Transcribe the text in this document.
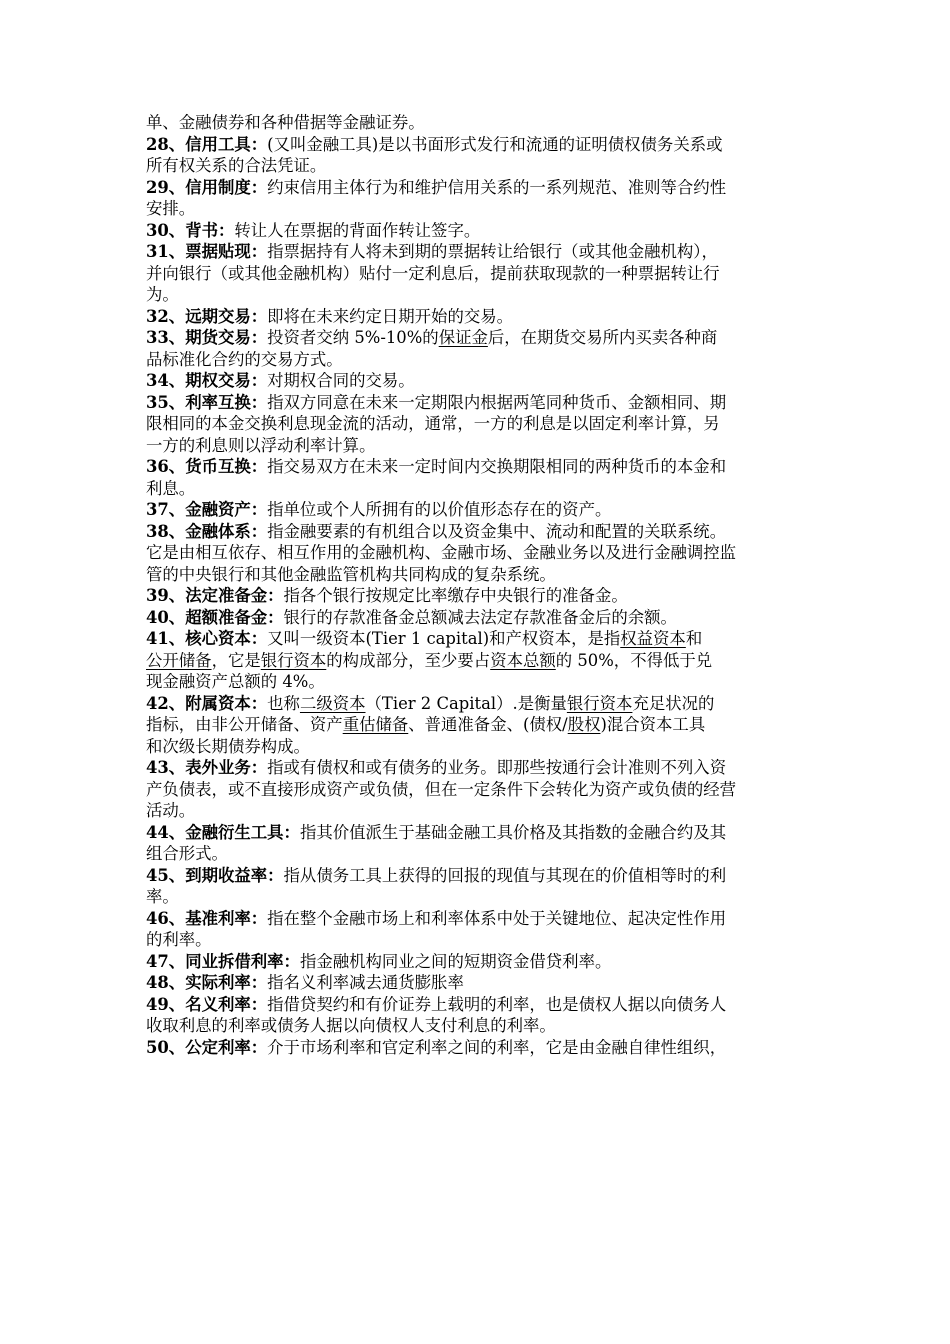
单、金融债券和各种借据等金融证券。
28、信用工具：(又叫金融工具)是以书面形式发行和流通的证明债权债务关系或
所有权关系的合法凭证。
29、信用制度：约束信用主体行为和维护信用关系的一系列规范、准则等合约性
安排。
30、背书：转让人在票据的背面作转让签字。
31、票据贴现：指票据持有人将未到期的票据转让给银行（或其他金融机构），
并向银行（或其他金融机构）贴付一定利息后，提前获取现款的一种票据转让行
为。
32、远期交易：即将在未来约定日期开始的交易。
33、期货交易：投资者交纳 5%-10%的保证金后，在期货交易所内买卖各种商
品标准化合约的交易方式。
34、期权交易：对期权合同的交易。
35、利率互换：指双方同意在未来一定期限内根据两笔同种货币、金额相同、期
限相同的本金交换利息现金流的活动，通常，一方的利息是以固定利率计算，另
一方的利息则以浮动利率计算。
36、货币互换：指交易双方在未来一定时间内交换期限相同的两种货币的本金和
利息。
37、金融资产：指单位或个人所拥有的以价值形态存在的资产。
38、金融体系：指金融要素的有机组合以及资金集中、流动和配置的关联系统。
它是由相互依存、相互作用的金融机构、金融市场、金融业务以及进行金融调控监
管的中央银行和其他金融监管机构共同构成的复杂系统。
39、法定准备金：指各个银行按规定比率缴存中央银行的准备金。
40、超额准备金：银行的存款准备金总额减去法定存款准备金后的余额。
41、核心资本：又叫一级资本(Tier 1 capital)和产权资本，是指权益资本和
公开储备，它是银行资本的构成部分，至少要占资本总额的 50%，不得低于兑
现金融资产总额的 4%。
42、附属资本：也称二级资本（Tier 2 Capital）.是衡量银行资本充足状况的
指标，由非公开储备、资产重估储备、普通准备金、(债权/股权)混合资本工具
和次级长期债券构成。
43、表外业务：指或有债权和或有债务的业务。即那些按通行会计准则不列入资
产负债表，或不直接形成资产或负债，但在一定条件下会转化为资产或负债的经营
活动。
44、金融衍生工具：指其价值派生于基础金融工具价格及其指数的金融合约及其
组合形式。
45、到期收益率：指从债务工具上获得的回报的现值与其现在的价值相等时的利
率。
46、基准利率：指在整个金融市场上和利率体系中处于关键地位、起决定性作用
的利率。
47、同业拆借利率：指金融机构同业之间的短期资金借贷利率。
48、实际利率：指名义利率减去通货膨胀率
49、名义利率：指借贷契约和有价证券上载明的利率，也是债权人据以向债务人
收取利息的利率或债务人据以向债权人支付利息的利率。
50、公定利率：介于市场利率和官定利率之间的利率，它是由金融自律性组织，
